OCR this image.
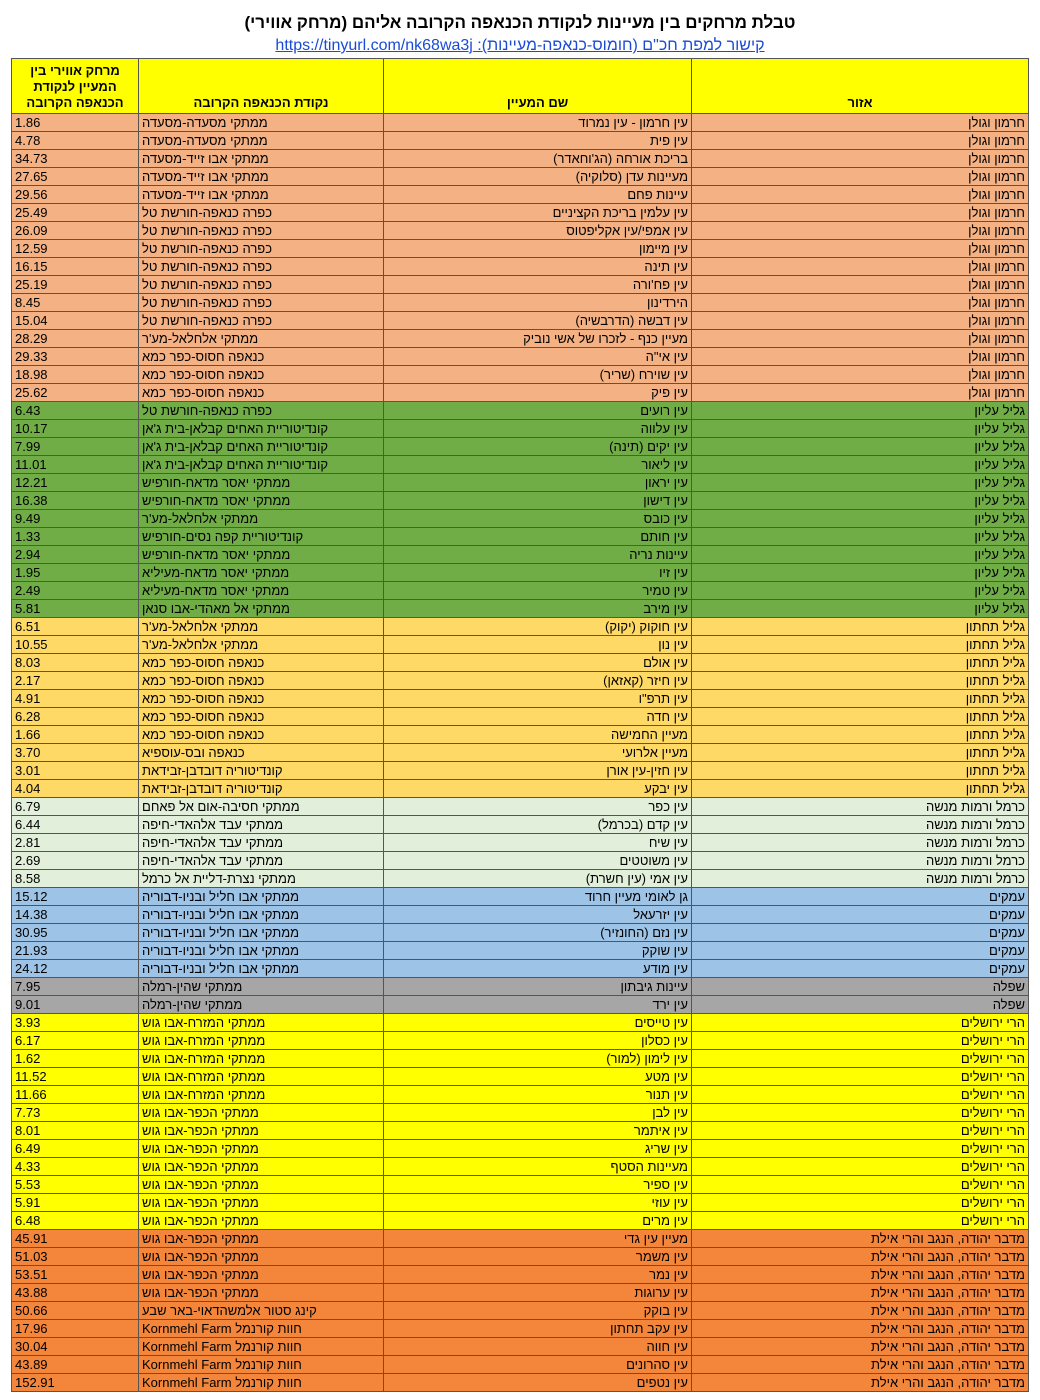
טבלת מרחקים בין מעיינות לנקודת הכנאפה הקרובה אליהם (מרחק אווירי)
קישור למפת חכ"ם (חומוס-כנאפה-מעיינות): https://tinyurl.com/nk68wa3j
אזור	שם המעיין	נקודת הכנאפה הקרובה	מרחק אווירי בין המעיין לנקודת הכנאפה הקרובה
חרמון וגולן	עין חרמון - עין נמרוד	ממתקי מסעדה-מסעדה	1.86
חרמון וגולן	עין פית	ממתקי מסעדה-מסעדה	4.78
חרמון וגולן	בריכת אורחה (הג'וחאדר)	ממתקי אבו זייד-מסעדה	34.73
חרמון וגולן	מעיינות עדן (סלוקיה)	ממתקי אבו זייד-מסעדה	27.65
חרמון וגולן	עיינות פחם	ממתקי אבו זייד-מסעדה	29.56
חרמון וגולן	עין עלמין בריכת הקציניים	כפרה כנאפה-חורשת טל	25.49
חרמון וגולן	עין אמפי/עין אקליפטוס	כפרה כנאפה-חורשת טל	26.09
חרמון וגולן	עין מיימון	כפרה כנאפה-חורשת טל	12.59
חרמון וגולן	עין תינה	כפרה כנאפה-חורשת טל	16.15
חרמון וגולן	עין פח'ורה	כפרה כנאפה-חורשת טל	25.19
חרמון וגולן	הירדינון	כפרה כנאפה-חורשת טל	8.45
חרמון וגולן	עין דבשה (הדרבשיה)	כפרה כנאפה-חורשת טל	15.04
חרמון וגולן	מעיין כנף - לזכרו של אשי נוביק	ממתקי אלחלאל-מע'ר	28.29
חרמון וגולן	עין אי"ה	כנאפה חסוס-כפר כמא	29.33
חרמון וגולן	עין שוירח (שריר)	כנאפה חסוס-כפר כמא	18.98
חרמון וגולן	עין פיק	כנאפה חסוס-כפר כמא	25.62
גליל עליון	עין רועים	כפרה כנאפה-חורשת טל	6.43
גליל עליון	עין עלווה	קונדיטוריית האחים קבלאן-בית ג'אן	10.17
גליל עליון	עין יקים (תינה)	קונדיטוריית האחים קבלאן-בית ג'אן	7.99
גליל עליון	עין ליאור	קונדיטוריית האחים קבלאן-בית ג'אן	11.01
גליל עליון	עין יראון	ממתקי יאסר מדאח-חורפיש	12.21
גליל עליון	עין דישון	ממתקי יאסר מדאח-חורפיש	16.38
גליל עליון	עין כובס	ממתקי אלחלאל-מע'ר	9.49
גליל עליון	עין חותם	קונדיטוריית קפה נסים-חורפיש	1.33
גליל עליון	עיינות נריה	ממתקי יאסר מדאח-חורפיש	2.94
גליל עליון	עין זיו	ממתקי יאסר מדאח-מעיליא	1.95
גליל עליון	עין טמיר	ממתקי יאסר מדאח-מעיליא	2.49
גליל עליון	עין מירב	ממתקי אל מאהדי-אבו סנאן	5.81
גליל תחתון	עין חוקוק (יקוק)	ממתקי אלחלאל-מע'ר	6.51
גליל תחתון	עין נון	ממתקי אלחלאל-מע'ר	10.55
גליל תחתון	עין אולם	כנאפה חסוס-כפר כמא	8.03
גליל תחתון	עין חיזר (קאזאן)	כנאפה חסוס-כפר כמא	2.17
גליל תחתון	עין תרפ"ו	כנאפה חסוס-כפר כמא	4.91
גליל תחתון	עין חדה	כנאפה חסוס-כפר כמא	6.28
גליל תחתון	מעיין החמישה	כנאפה חסוס-כפר כמא	1.66
גליל תחתון	מעיין אלרועי	כנאפה ובס-עוספיא	3.70
גליל תחתון	עין חזין-עין אורן	קונדיטוריה דובדבן-זבידאת	3.01
גליל תחתון	עין יבקע	קונדיטוריה דובדבן-זבידאת	4.04
כרמל ורמות מנשה	עין כפר	ממתקי חסיבה-אום אל פאחם	6.79
כרמל ורמות מנשה	עין קדם (בכרמל)	ממתקי עבד אלהאדי-חיפה	6.44
כרמל ורמות מנשה	עין שיח	ממתקי עבד אלהאדי-חיפה	2.81
כרמל ורמות מנשה	עין משוטטים	ממתקי עבד אלהאדי-חיפה	2.69
כרמל ורמות מנשה	עין אמי (עין חשרת)	ממתקי נצרת-דליית אל כרמל	8.58
עמקים	גן לאומי מעיין חרוד	ממתקי אבו חליל ובניו-דבוריה	15.12
עמקים	עין יזרעאל	ממתקי אבו חליל ובניו-דבוריה	14.38
עמקים	עין נזם (החונזיר)	ממתקי אבו חליל ובניו-דבוריה	30.95
עמקים	עין שוקק	ממתקי אבו חליל ובניו-דבוריה	21.93
עמקים	עין מודע	ממתקי אבו חליל ובניו-דבוריה	24.12
שפלה	עיינות גיבתון	ממתקי שהין-רמלה	7.95
שפלה	עין ירד	ממתקי שהין-רמלה	9.01
הרי ירושלים	עין טייסים	ממתקי המזרח-אבו גוש	3.93
הרי ירושלים	עין כסלון	ממתקי המזרח-אבו גוש	6.17
הרי ירושלים	עין לימון (למור)	ממתקי המזרח-אבו גוש	1.62
הרי ירושלים	עין מטע	ממתקי המזרח-אבו גוש	11.52
הרי ירושלים	עין תנור	ממתקי המזרח-אבו גוש	11.66
הרי ירושלים	עין לבן	ממתקי הכפר-אבו גוש	7.73
הרי ירושלים	עין איתמר	ממתקי הכפר-אבו גוש	8.01
הרי ירושלים	עין שריג	ממתקי הכפר-אבו גוש	6.49
הרי ירושלים	מעיינות הסטף	ממתקי הכפר-אבו גוש	4.33
הרי ירושלים	עין ספיר	ממתקי הכפר-אבו גוש	5.53
הרי ירושלים	עין עוזי	ממתקי הכפר-אבו גוש	5.91
הרי ירושלים	עין מרים	ממתקי הכפר-אבו גוש	6.48
מדבר יהודה, הנגב והרי אילת	מעיין עין גדי	ממתקי הכפר-אבו גוש	45.91
מדבר יהודה, הנגב והרי אילת	עין משמר	ממתקי הכפר-אבו גוש	51.03
מדבר יהודה, הנגב והרי אילת	עין נמר	ממתקי הכפר-אבו גוש	53.51
מדבר יהודה, הנגב והרי אילת	עין ערוגות	ממתקי הכפר-אבו גוש	43.88
מדבר יהודה, הנגב והרי אילת	עין בוקק	קינג סטור אלמשהדאוי-באר שבע	50.66
מדבר יהודה, הנגב והרי אילת	עין עקב תחתון	חוות קורנמל Kornmehl Farm	17.96
מדבר יהודה, הנגב והרי אילת	עין חווה	חוות קורנמל Kornmehl Farm	30.04
מדבר יהודה, הנגב והרי אילת	עין סהרונים	חוות קורנמל Kornmehl Farm	43.89
מדבר יהודה, הנגב והרי אילת	עין נטפים	חוות קורנמל Kornmehl Farm	152.91
